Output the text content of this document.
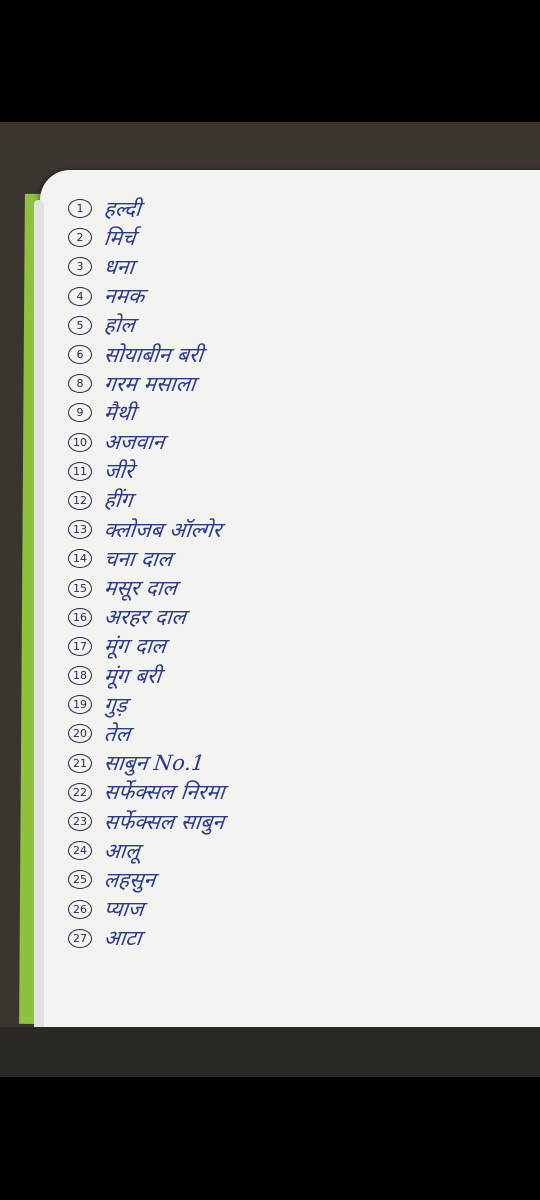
1 हल्दी
2 मिर्च
3 धना
4 नमक
5 होल
6 सोयाबीन बरी
8 गरम मसाला
9 मैथी
10 अजवान
11 जीरे
12 हींग
13 क्लोजब ऑल्गेर
14 चना दाल
15 मसूर दाल
16 अरहर दाल
17 मूंग दाल
18 मूंग बरी
19 गुड़
20 तेल
21 साबुन No.1
22 सर्फेक्सल निरमा
23 सर्फेक्सल साबुन
24 आलू
25 लहसुन
26 प्याज
27 आटा
